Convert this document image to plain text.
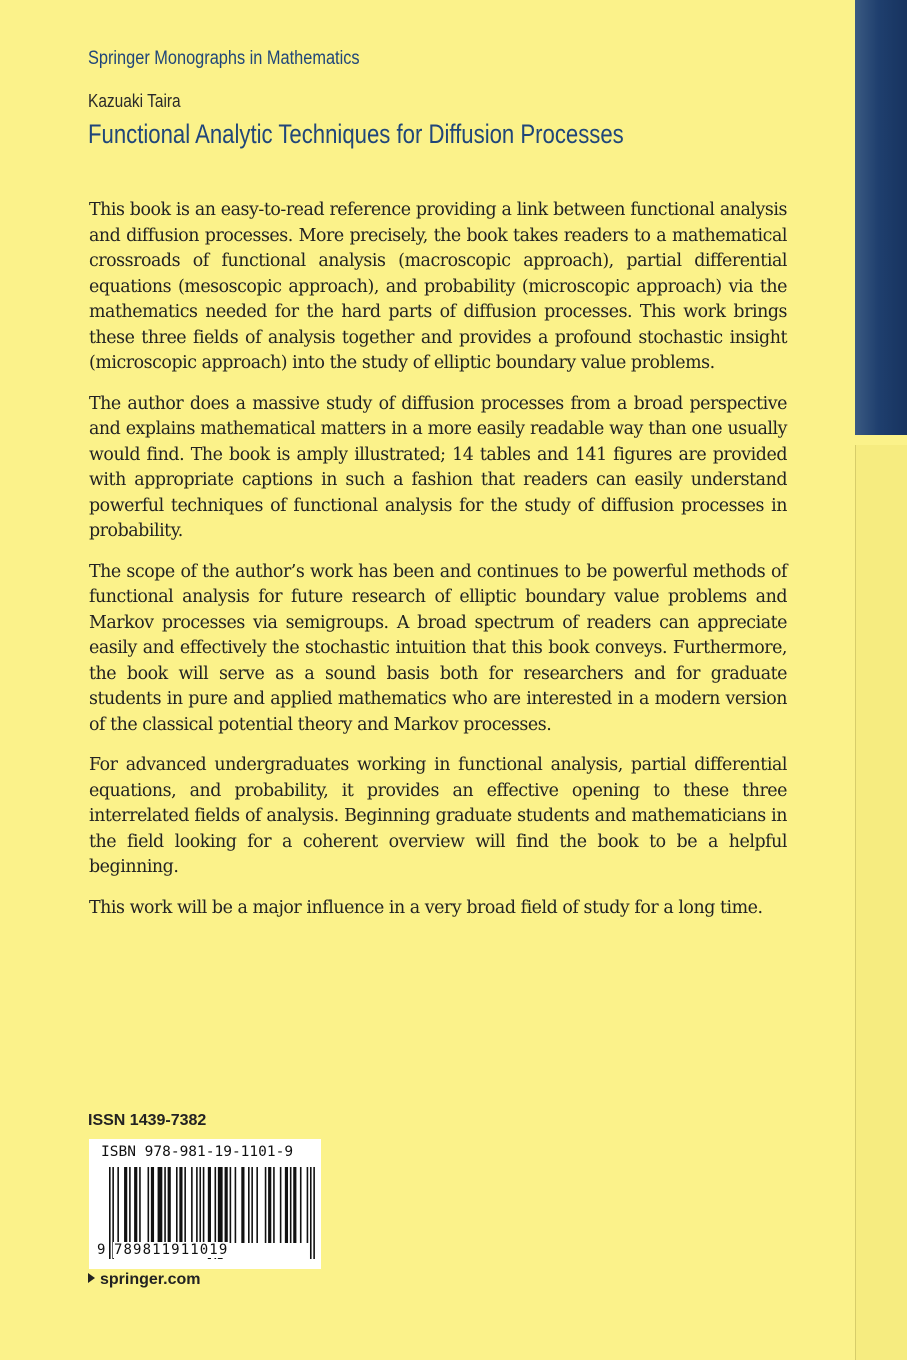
Springer Monographs in Mathematics
Kazuaki Taira
Functional Analytic Techniques for Diffusion Processes

This book is an easy-to-read reference providing a link between functional analysis and diffusion processes. More precisely, the book takes readers to a mathematical crossroads of functional analysis (macroscopic approach), partial differential equations (mesoscopic approach), and probability (microscopic approach) via the mathematics needed for the hard parts of diffusion processes. This work brings these three fields of analysis together and provides a profound stochastic insight (microscopic approach) into the study of elliptic boundary value problems.

The author does a massive study of diffusion processes from a broad perspective and explains mathematical matters in a more easily readable way than one usually would find. The book is amply illustrated; 14 tables and 141 figures are provided with appropriate captions in such a fashion that readers can easily understand powerful techniques of functional analysis for the study of diffusion processes in probability.

The scope of the author’s work has been and continues to be powerful methods of functional analysis for future research of elliptic boundary value problems and Markov processes via semigroups. A broad spectrum of readers can appreciate easily and effectively the stochastic intuition that this book conveys. Furthermore, the book will serve as a sound basis both for researchers and for graduate students in pure and applied mathematics who are interested in a modern version of the classical potential theory and Markov processes.

For advanced undergraduates working in functional analysis, partial differential equations, and probability, it provides an effective opening to these three interrelated fields of analysis. Beginning graduate students and mathematicians in the field looking for a coherent overview will find the book to be a helpful beginning.

This work will be a major influence in a very broad field of study for a long time.

ISSN 1439-7382
ISBN 978-981-19-1101-9
9 789811911019
springer.com
